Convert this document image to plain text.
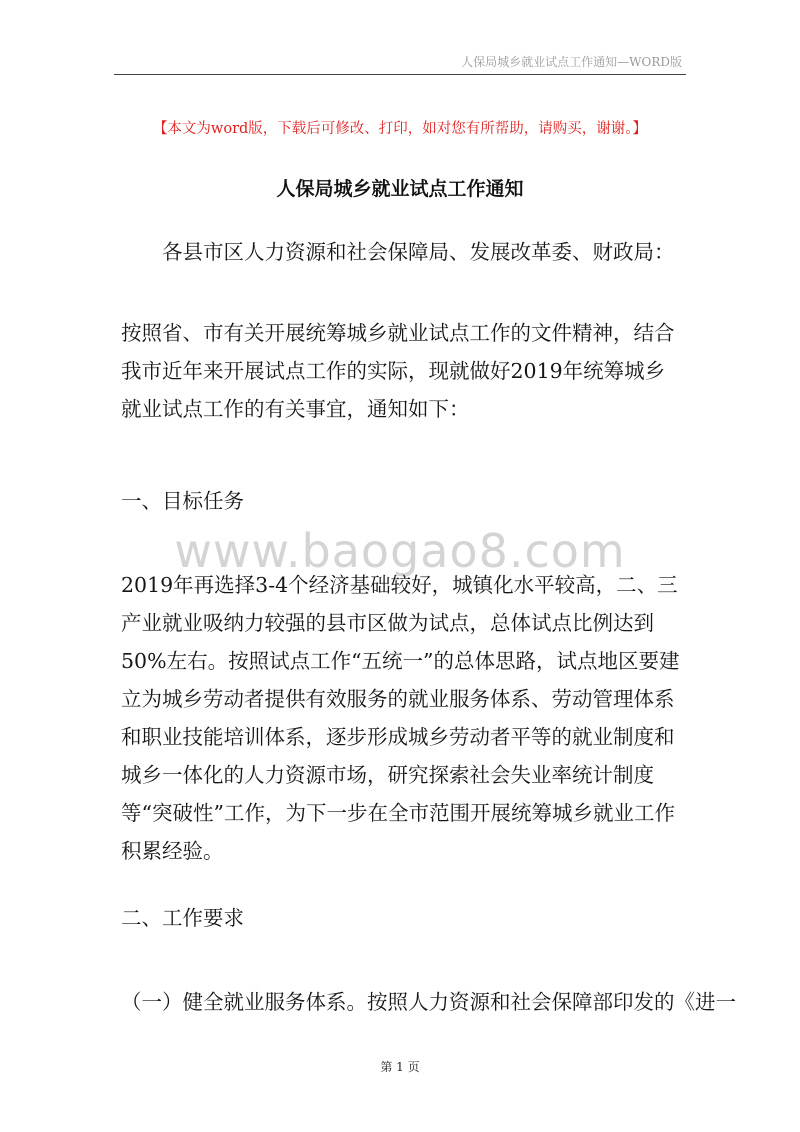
人保局城乡就业试点工作通知—WORD版
【本文为word版，下载后可修改、打印，如对您有所帮助，请购买，谢谢。】
人保局城乡就业试点工作通知

各县市区人力资源和社会保障局、发展改革委、财政局：

按照省、市有关开展统筹城乡就业试点工作的文件精神，结合我市近年来开展试点工作的实际，现就做好2019年统筹城乡就业试点工作的有关事宜，通知如下：

一、目标任务

www.baogao8.com

2019年再选择3-4个经济基础较好，城镇化水平较高，二、三产业就业吸纳力较强的县市区做为试点，总体试点比例达到50%左右。按照试点工作“五统一”的总体思路，试点地区要建立为城乡劳动者提供有效服务的就业服务体系、劳动管理体系和职业技能培训体系，逐步形成城乡劳动者平等的就业制度和城乡一体化的人力资源市场，研究探索社会失业率统计制度等“突破性”工作，为下一步在全市范围开展统筹城乡就业工作积累经验。

二、工作要求

（一）健全就业服务体系。按照人力资源和社会保障部印发的《进一

第 1 页
